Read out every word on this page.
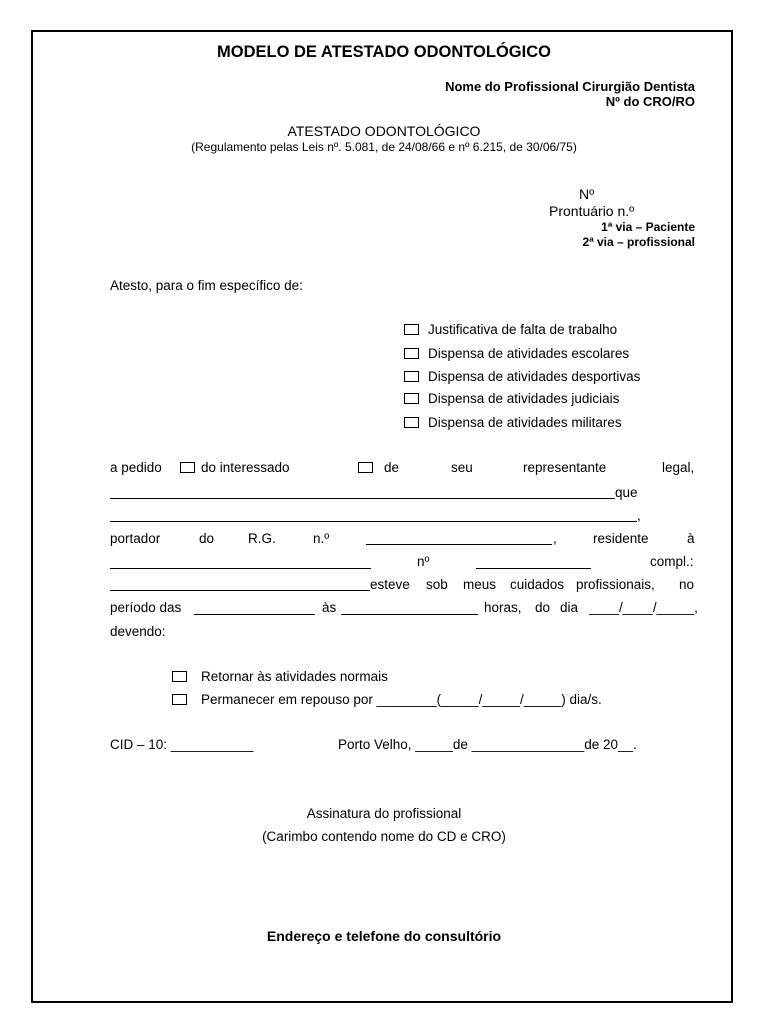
MODELO DE ATESTADO ODONTOLÓGICO
Nome do Profissional Cirurgião Dentista
Nº do CRO/RO
ATESTADO ODONTOLÓGICO
(Regulamento pelas Leis nº. 5.081, de 24/08/66 e nº 6.215, de 30/06/75)
Nº
Prontuário n.º
1ª via – Paciente
2ª via – profissional
Atesto, para o fim específico de:
Justificativa de falta de trabalho
Dispensa de atividades escolares
Dispensa de atividades desportivas
Dispensa de atividades judiciais
Dispensa de atividades militares
a pedido	do interessado	de	seu	representante	legal,
que
,
portador	do	R.G.	n.º	,	residente	à
nº	compl.:
esteve sob meus cuidados profissionais, no
período das	às	horas, do dia ____/____/_____,
devendo:
Retornar às atividades normais
Permanecer em repouso por ________(_____/_____/_____) dia/s.
CID – 10: ___________	Porto Velho, _____de _______________de 20__.
Assinatura do profissional
(Carimbo contendo nome do CD e CRO)
Endereço e telefone do consultório
